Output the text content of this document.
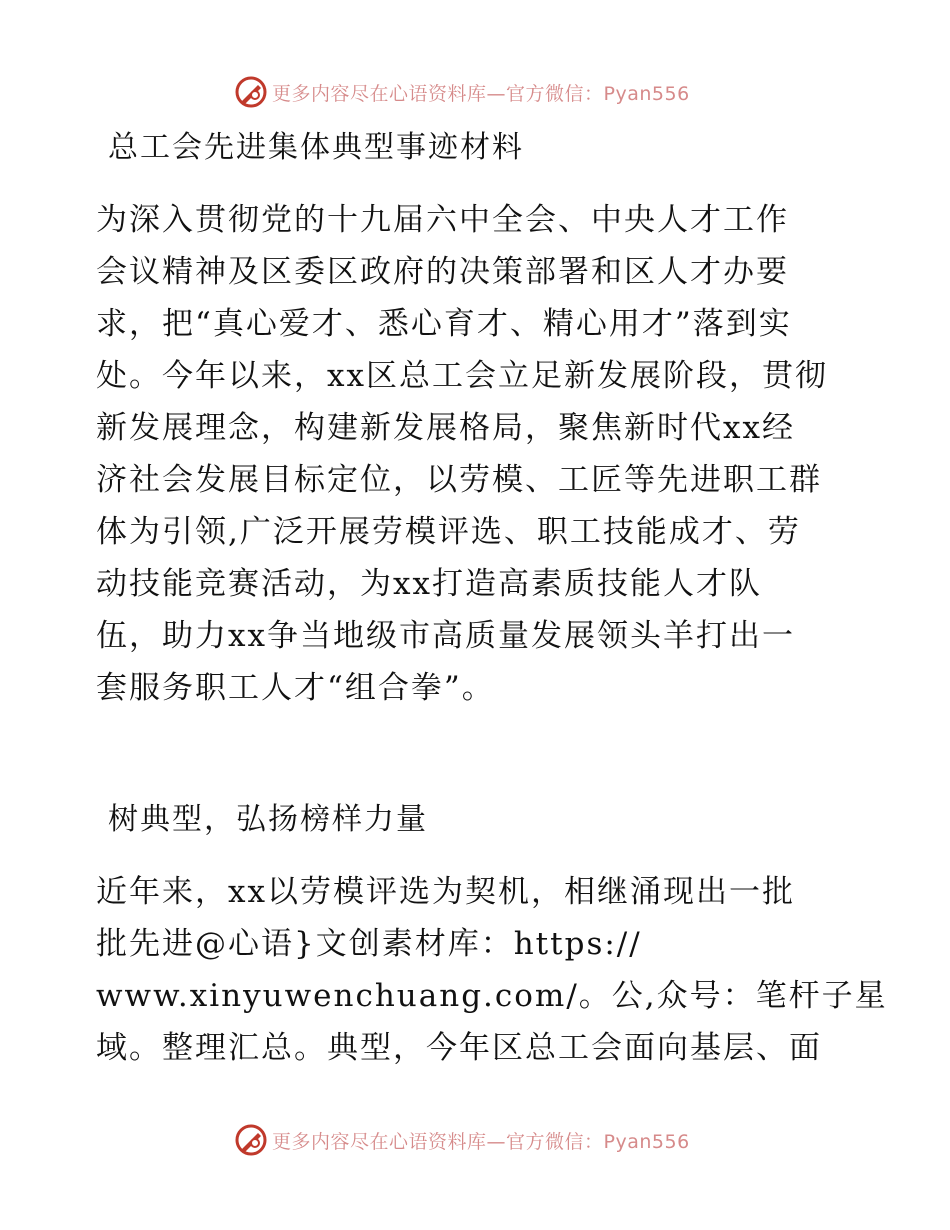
更多内容尽在心语资料库—官方微信：Pyan556
总工会先进集体典型事迹材料
为深入贯彻党的十九届六中全会、中央人才工作
会议精神及区委区政府的决策部署和区人才办要
求，把“真心爱才、悉心育才、精心用才”落到实
处。今年以来，xx区总工会立足新发展阶段，贯彻
新发展理念，构建新发展格局，聚焦新时代xx经
济社会发展目标定位，以劳模、工匠等先进职工群
体为引领,广泛开展劳模评选、职工技能成才、劳
动技能竞赛活动，为xx打造高素质技能人才队
伍，助力xx争当地级市高质量发展领头羊打出一
套服务职工人才“组合拳”。
树典型，弘扬榜样力量
近年来，xx以劳模评选为契机，相继涌现出一批
批先进@心语}文创素材库：https://
www.xinyuwenchuang.com/。公,众号：笔杆子星
域。整理汇总。典型，今年区总工会面向基层、面
更多内容尽在心语资料库—官方微信：Pyan556
